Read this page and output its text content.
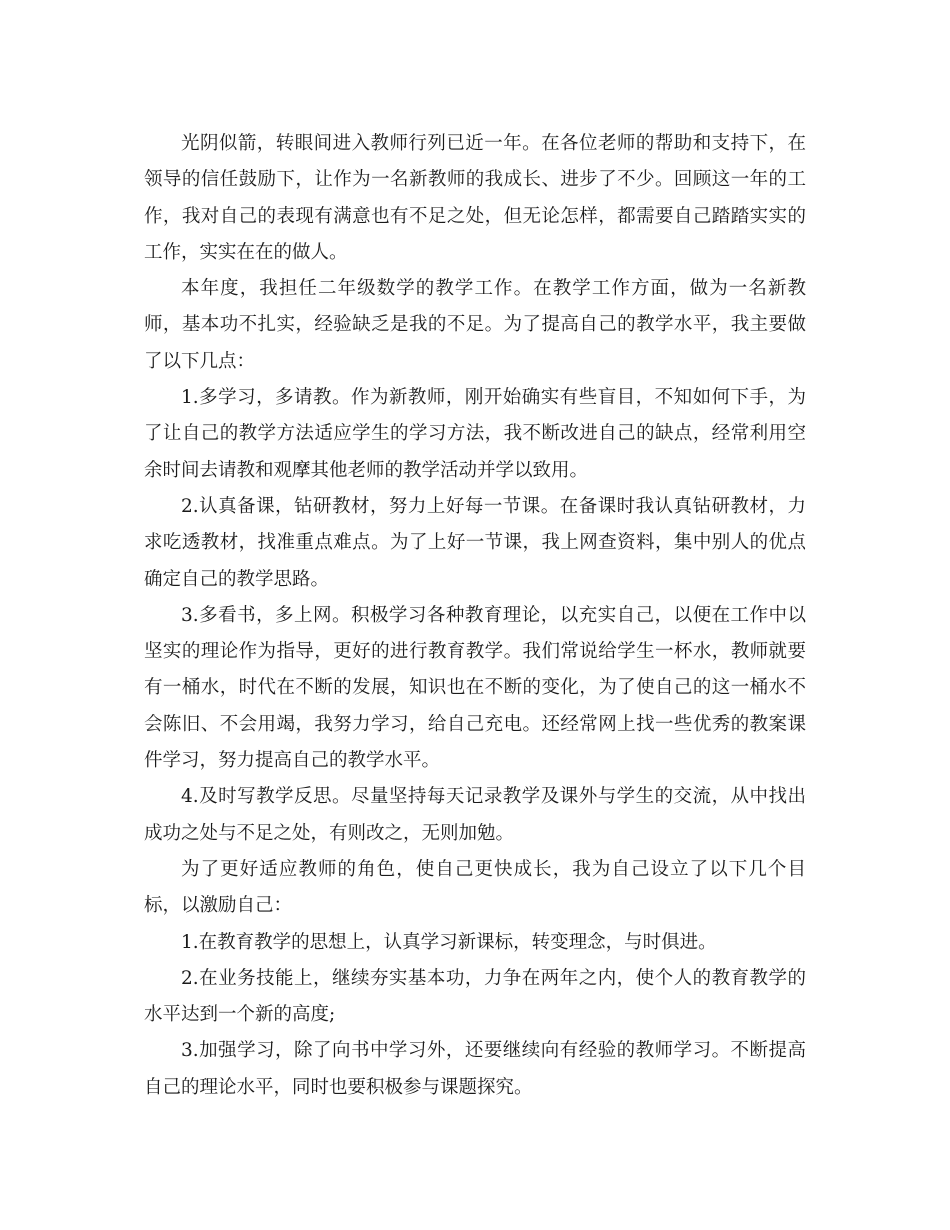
光阴似箭，转眼间进入教师行列已近一年。在各位老师的帮助和支持下，在领导的信任鼓励下，让作为一名新教师的我成长、进步了不少。回顾这一年的工作，我对自己的表现有满意也有不足之处，但无论怎样，都需要自己踏踏实实的工作，实实在在的做人。

本年度，我担任二年级数学的教学工作。在教学工作方面，做为一名新教师，基本功不扎实，经验缺乏是我的不足。为了提高自己的教学水平，我主要做了以下几点：

1.多学习，多请教。作为新教师，刚开始确实有些盲目，不知如何下手，为了让自己的教学方法适应学生的学习方法，我不断改进自己的缺点，经常利用空余时间去请教和观摩其他老师的教学活动并学以致用。

2.认真备课，钻研教材，努力上好每一节课。在备课时我认真钻研教材，力求吃透教材，找准重点难点。为了上好一节课，我上网查资料，集中别人的优点确定自己的教学思路。

3.多看书，多上网。积极学习各种教育理论，以充实自己，以便在工作中以坚实的理论作为指导，更好的进行教育教学。我们常说给学生一杯水，教师就要有一桶水，时代在不断的发展，知识也在不断的变化，为了使自己的这一桶水不会陈旧、不会用竭，我努力学习，给自己充电。还经常网上找一些优秀的教案课件学习，努力提高自己的教学水平。

4.及时写教学反思。尽量坚持每天记录教学及课外与学生的交流，从中找出成功之处与不足之处，有则改之，无则加勉。

为了更好适应教师的角色，使自己更快成长，我为自己设立了以下几个目标，以激励自己：

1.在教育教学的思想上，认真学习新课标，转变理念，与时俱进。

2.在业务技能上，继续夯实基本功，力争在两年之内，使个人的教育教学的水平达到一个新的高度;

3.加强学习，除了向书中学习外，还要继续向有经验的教师学习。不断提高自己的理论水平，同时也要积极参与课题探究。
